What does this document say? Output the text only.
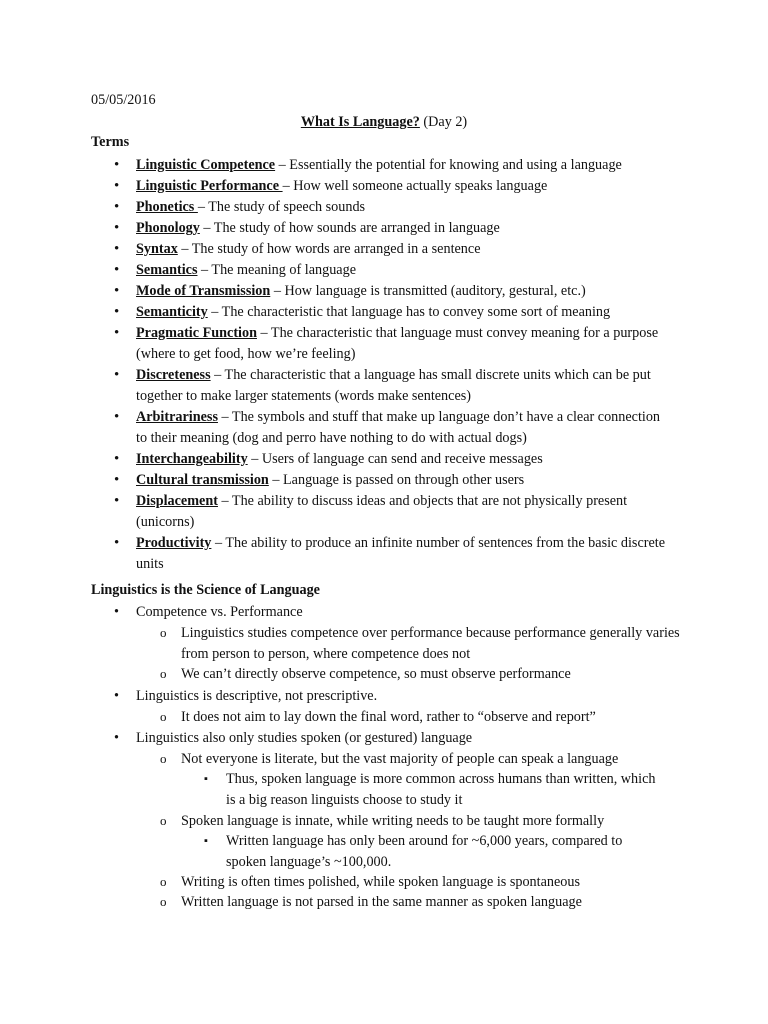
05/05/2016
What Is Language? (Day 2)
Terms
• Linguistic Competence – Essentially the potential for knowing and using a language
• Linguistic Performance – How well someone actually speaks language
• Phonetics – The study of speech sounds
• Phonology – The study of how sounds are arranged in language
• Syntax – The study of how words are arranged in a sentence
• Semantics – The meaning of language
• Mode of Transmission – How language is transmitted (auditory, gestural, etc.)
• Semanticity – The characteristic that language has to convey some sort of meaning
• Pragmatic Function – The characteristic that language must convey meaning for a purpose (where to get food, how we’re feeling)
• Discreteness – The characteristic that a language has small discrete units which can be put together to make larger statements (words make sentences)
• Arbitrariness – The symbols and stuff that make up language don’t have a clear connection to their meaning (dog and perro have nothing to do with actual dogs)
• Interchangeability – Users of language can send and receive messages
• Cultural transmission – Language is passed on through other users
• Displacement – The ability to discuss ideas and objects that are not physically present (unicorns)
• Productivity – The ability to produce an infinite number of sentences from the basic discrete units
Linguistics is the Science of Language
• Competence vs. Performance
o Linguistics studies competence over performance because performance generally varies from person to person, where competence does not
o We can’t directly observe competence, so must observe performance
• Linguistics is descriptive, not prescriptive.
o It does not aim to lay down the final word, rather to “observe and report”
• Linguistics also only studies spoken (or gestured) language
o Not everyone is literate, but the vast majority of people can speak a language
▪ Thus, spoken language is more common across humans than written, which is a big reason linguists choose to study it
o Spoken language is innate, while writing needs to be taught more formally
▪ Written language has only been around for ~6,000 years, compared to spoken language’s ~100,000.
o Writing is often times polished, while spoken language is spontaneous
o Written language is not parsed in the same manner as spoken language
